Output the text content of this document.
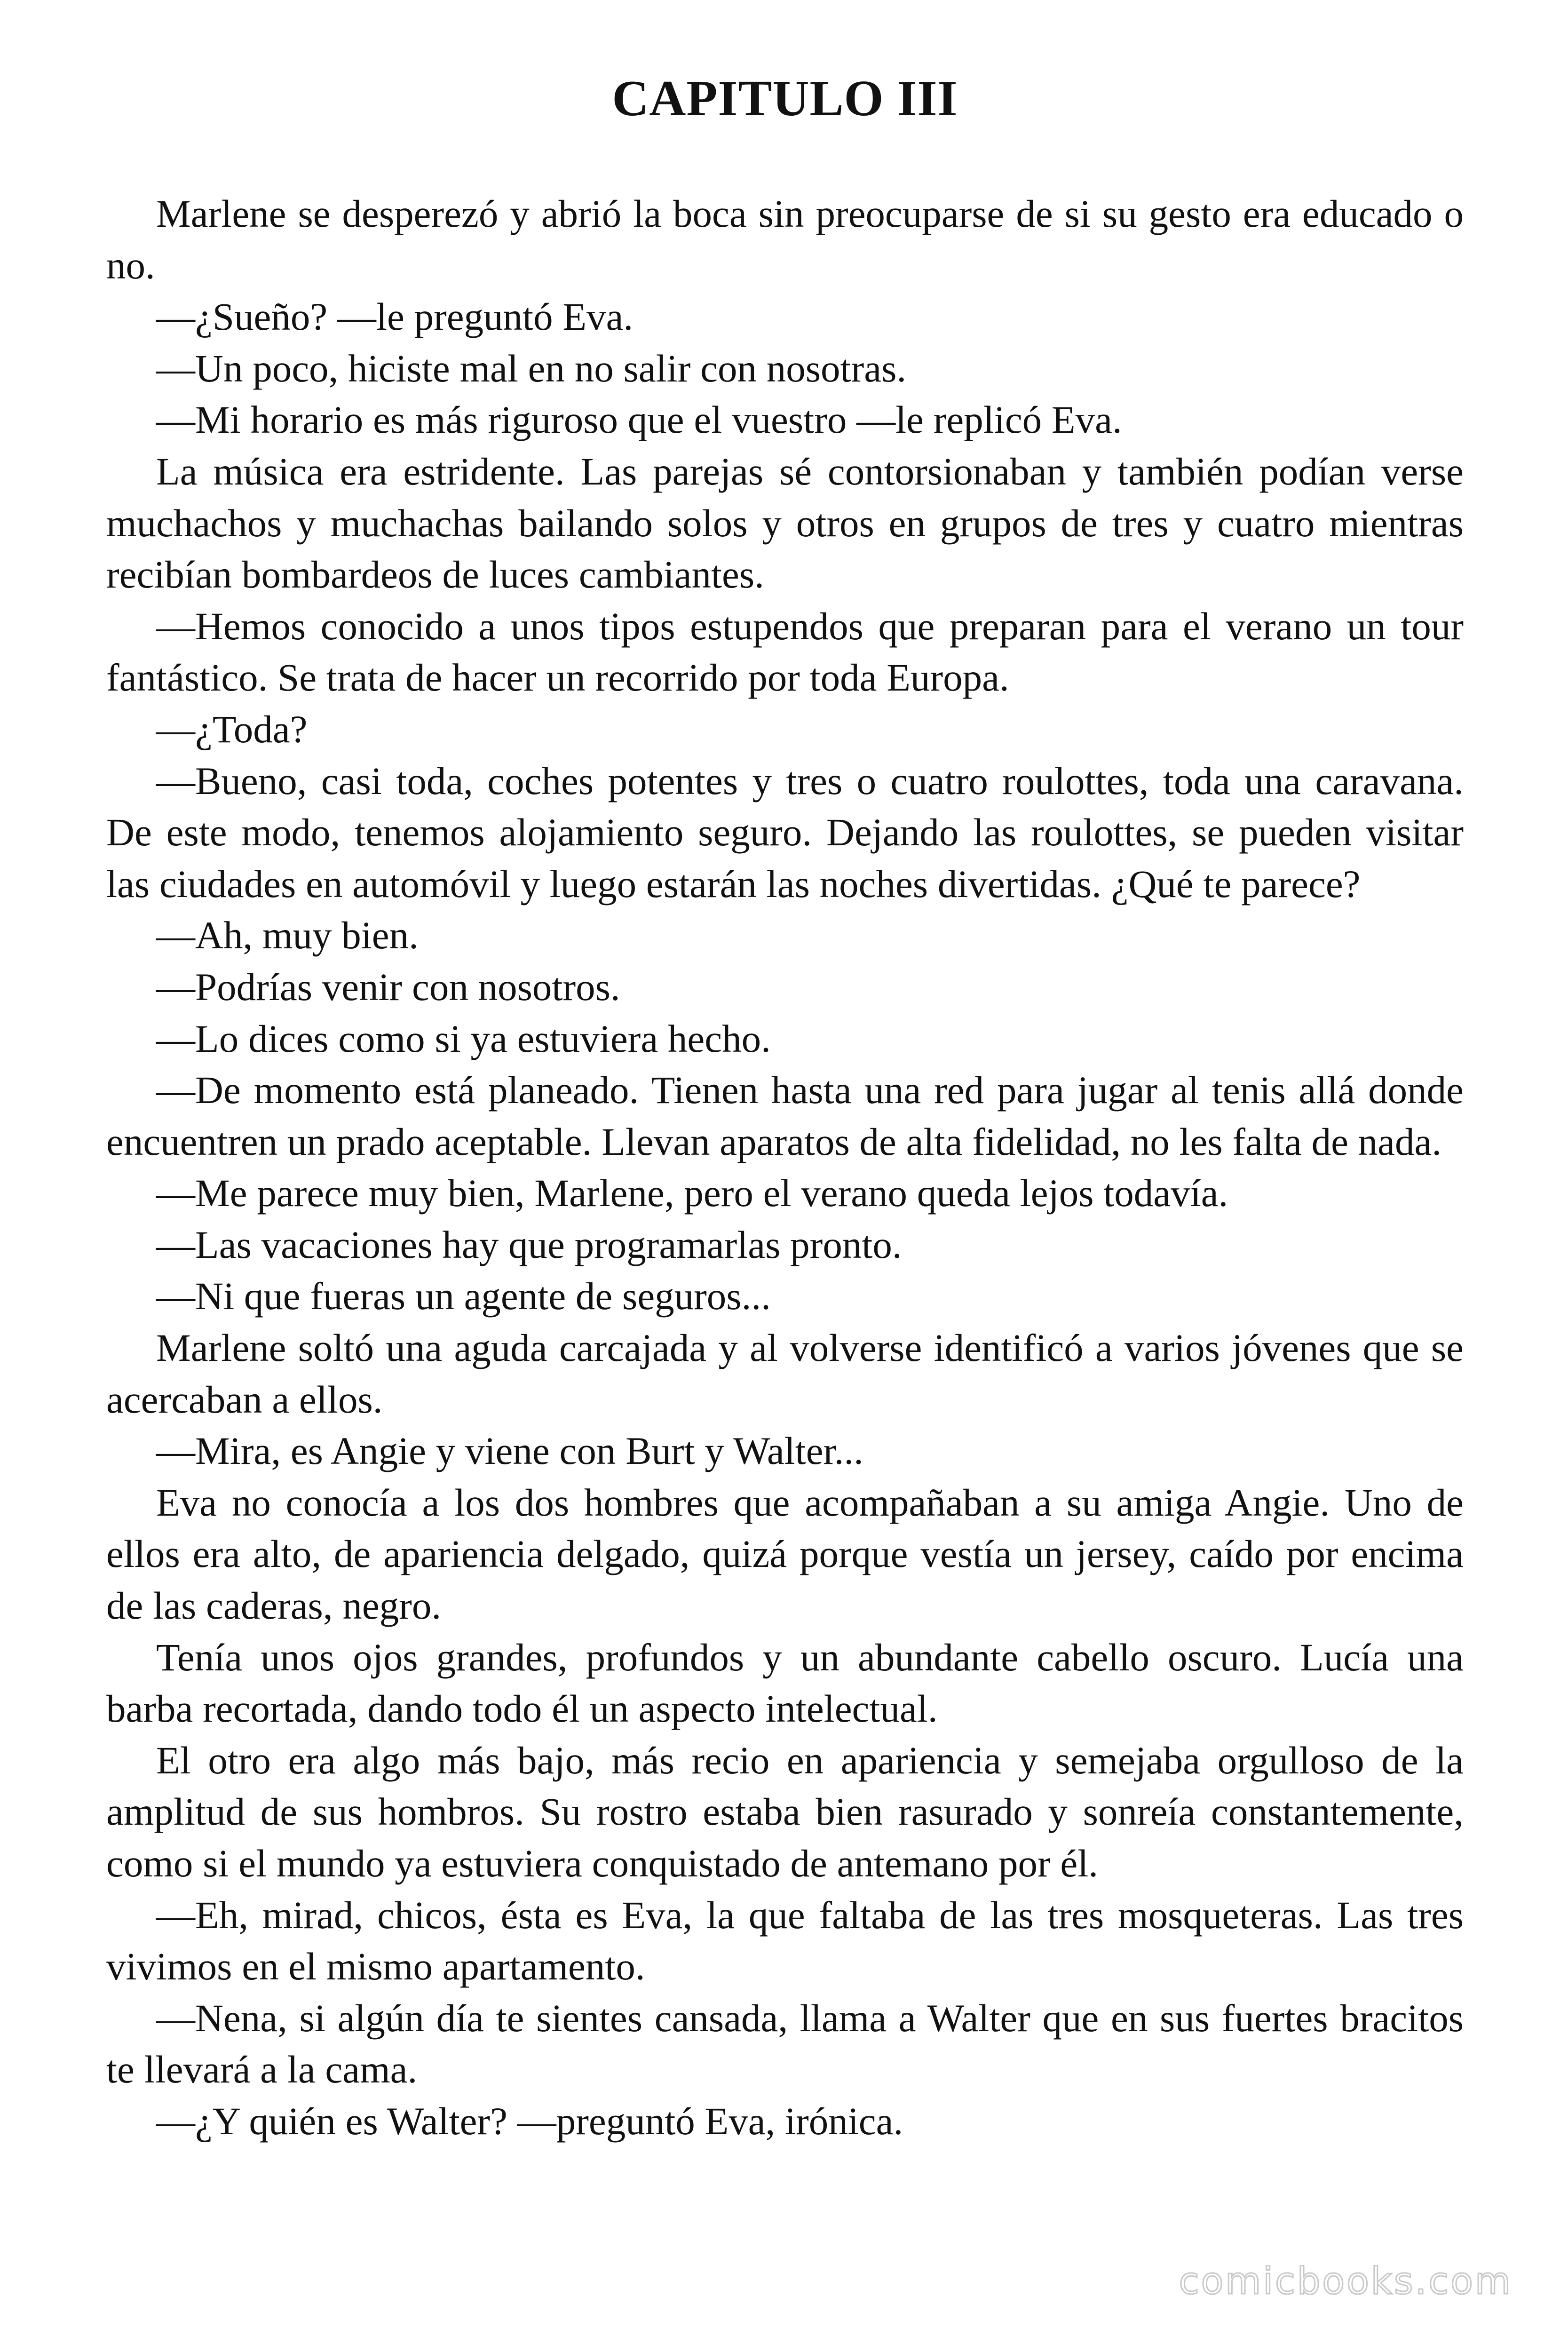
CAPITULO III

Marlene se desperezó y abrió la boca sin preocuparse de si su gesto era educado o no.

—¿Sueño? —le preguntó Eva.

—Un poco, hiciste mal en no salir con nosotras.

—Mi horario es más riguroso que el vuestro —le replicó Eva.

La música era estridente. Las parejas sé contorsionaban y también podían verse muchachos y muchachas bailando solos y otros en grupos de tres y cuatro mientras recibían bombardeos de luces cambiantes.

—Hemos conocido a unos tipos estupendos que preparan para el verano un tour fantástico. Se trata de hacer un recorrido por toda Europa.

—¿Toda?

—Bueno, casi toda, coches potentes y tres o cuatro roulottes, toda una caravana. De este modo, tenemos alojamiento seguro. Dejando las roulottes, se pueden visitar las ciudades en automóvil y luego estarán las noches divertidas. ¿Qué te parece?

—Ah, muy bien.

—Podrías venir con nosotros.

—Lo dices como si ya estuviera hecho.

—De momento está planeado. Tienen hasta una red para jugar al tenis allá donde encuentren un prado aceptable. Llevan aparatos de alta fidelidad, no les falta de nada.

—Me parece muy bien, Marlene, pero el verano queda lejos todavía.

—Las vacaciones hay que programarlas pronto.

—Ni que fueras un agente de seguros...

Marlene soltó una aguda carcajada y al volverse identificó a varios jóvenes que se acercaban a ellos.

—Mira, es Angie y viene con Burt y Walter...

Eva no conocía a los dos hombres que acompañaban a su amiga Angie. Uno de ellos era alto, de apariencia delgado, quizá porque vestía un jersey, caído por encima de las caderas, negro.

Tenía unos ojos grandes, profundos y un abundante cabello oscuro. Lucía una barba recortada, dando todo él un aspecto intelectual.

El otro era algo más bajo, más recio en apariencia y semejaba orgulloso de la amplitud de sus hombros. Su rostro estaba bien rasurado y sonreía constantemente, como si el mundo ya estuviera conquistado de antemano por él.

—Eh, mirad, chicos, ésta es Eva, la que faltaba de las tres mosqueteras. Las tres vivimos en el mismo apartamento.

—Nena, si algún día te sientes cansada, llama a Walter que en sus fuertes bracitos te llevará a la cama.

—¿Y quién es Walter? —preguntó Eva, irónica.

comicbooks.com
